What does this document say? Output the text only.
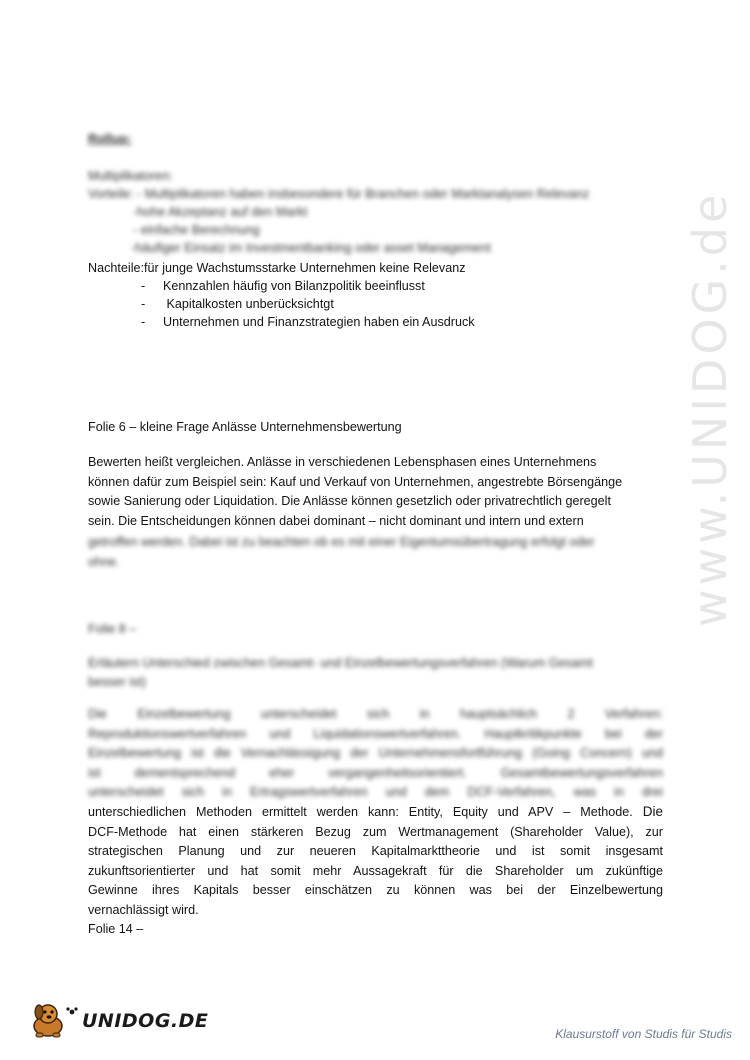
www.UNIDOG.de
Rollup:
Multiplikatoren:
Vorteile: - Multiplikatoren haben insbesondere für Branchen oder Marktanalysen Relevanz
-hohe Akzeptanz auf den Markt
- einfache Berechnung
-häufiger Einsatz im Investmentbanking oder asset Management
Nachteile:für junge Wachstumsstarke Unternehmen keine Relevanz
- Kennzahlen häufig von Bilanzpolitik beeinflusst
- Kapitalkosten unberücksichtgt
- Unternehmen und Finanzstrategien haben ein Ausdruck
Folie 6 – kleine Frage Anlässe Unternehmensbewertung
Bewerten heißt vergleichen. Anlässe in verschiedenen Lebensphasen eines Unternehmens
können dafür zum Beispiel sein: Kauf und Verkauf von Unternehmen, angestrebte Börsengänge
sowie Sanierung oder Liquidation. Die Anlässe können gesetzlich oder privatrechtlich geregelt
sein. Die Entscheidungen können dabei dominant – nicht dominant und intern und extern
getroffen werden. Dabei ist zu beachten ob es mit einer Eigentumsübertragung erfolgt oder
ohne.
Folie 8 –
Erläutern Unterschied zwischen Gesamt- und Einzelbewertungsverfahren (Warum Gesamt
besser ist)
Die Einzelbewertung unterscheidet sich in hauptsächlich 2 Verfahren:
Reproduktionswertverfahren und Liquidationswertverfahren. Hauptkritikpunkte bei der
Einzelbewertung ist die Vernachlässigung der Unternehmensfortführung (Going Concern) und
ist dementsprechend eher vergangenheitsorientiert. Gesamtbewertungsverfahren
unterscheidet sich in Ertragswertverfahren und dem DCF-Verfahren, was in drei
unterschiedlichen Methoden ermittelt werden kann: Entity, Equity und APV – Methode. Die
DCF-Methode hat einen stärkeren Bezug zum Wertmanagement (Shareholder Value), zur
strategischen Planung und zur neueren Kapitalmarkttheorie und ist somit insgesamt
zukunftsorientierter und hat somit mehr Aussagekraft für die Shareholder um zukünftige
Gewinne ihres Kapitals besser einschätzen zu können was bei der Einzelbewertung
vernachlässigt wird.
Folie 14 –
UNIDOG.DE
Klausurstoff von Studis für Studis
